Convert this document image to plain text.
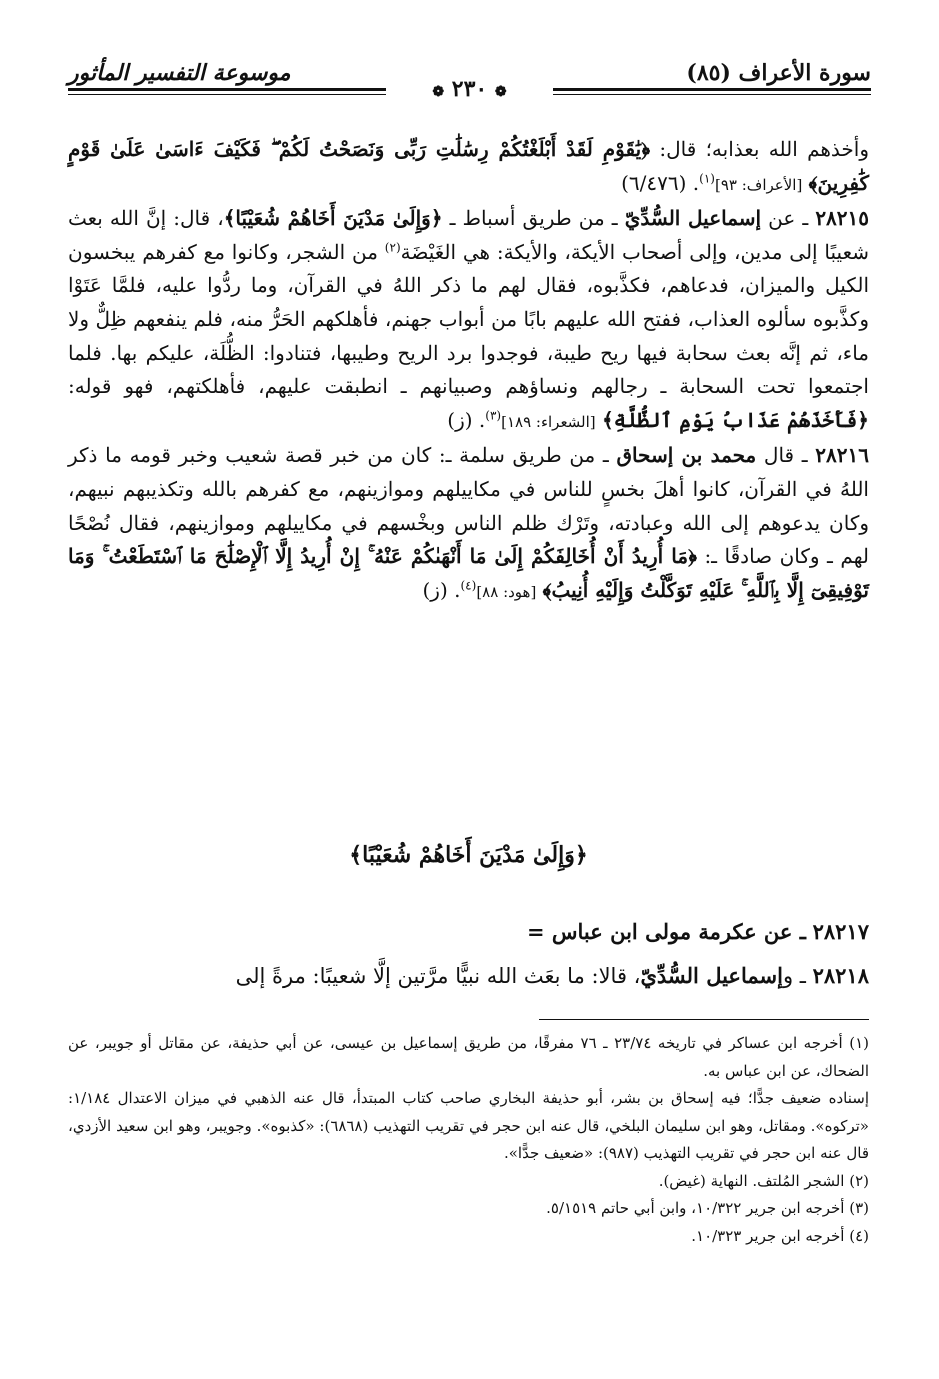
سورة الأعراف (٨٥)
موسوعة التفسير المأثور
❁ ٢٣٠ ❁

وأخذهم الله بعذابه؛ قال: ﴿يَٰقَوْمِ لَقَدْ أَبْلَغْتُكُمْ رِسَٰلَٰتِ رَبِّى وَنَصَحْتُ لَكُمْ ۖ فَكَيْفَ ءَاسَىٰ عَلَىٰ قَوْمٍ كَٰفِرِينَ﴾ [الأعراف: ٩٣]$^{(١)}$. (٦/٤٧٦)

٢٨٢١٥ ـ عن إسماعيل السُّدِّيّ ـ من طريق أسباط ـ ﴿وَإِلَىٰ مَدْيَنَ أَخَاهُمْ شُعَيْبًا﴾، قال: إنَّ الله بعث شعيبًا إلى مدين، وإلى أصحاب الأيكة، والأيكة: هي الغَيْضَة$^{(٢)}$ من الشجر، وكانوا مع كفرهم يبخسون الكيل والميزان، فدعاهم، فكذَّبوه، فقال لهم ما ذكر اللهُ في القرآن، وما ردُّوا عليه، فلمَّا عَتَوْا وكذَّبوه سألوه العذاب، ففتح الله عليهم بابًا من أبواب جهنم، فأهلكهم الحَرُّ منه، فلم ينفعهم ظِلٌّ ولا ماء، ثم إنَّه بعث سحابة فيها ريح طيبة، فوجدوا برد الريح وطيبها، فتنادوا: الظُّلَة، عليكم بها. فلما اجتمعوا تحت السحابة ـ رجالهم ونساؤهم وصبيانهم ـ انطبقت عليهم، فأهلكتهم، فهو قوله: ﴿فَأَخَذَهُمْ عَذَابُ يَوْمِ ٱلظُّلَّةِ﴾ [الشعراء: ١٨٩]$^{(٣)}$. (ز)

٢٨٢١٦ ـ قال محمد بن إسحاق ـ من طريق سلمة ـ: كان من خبر قصة شعيب وخبر قومه ما ذكر اللهُ في القرآن، كانوا أهلَ بخسٍ للناس في مكاييلهم وموازينهم، مع كفرهم بالله وتكذيبهم نبيهم، وكان يدعوهم إلى الله وعبادته، وتَرْك ظلم الناس وبخْسهم في مكاييلهم وموازينهم، فقال نُصْحًا لهم ـ وكان صادقًا ـ: ﴿مَا أُرِيدُ أَنْ أُخَالِفَكُمْ إِلَىٰ مَا أَنْهَىٰكُمْ عَنْهُ ۚ إِنْ أُرِيدُ إِلَّا ٱلْإِصْلَٰحَ مَا ٱسْتَطَعْتُ ۚ وَمَا تَوْفِيقِىٓ إِلَّا بِٱللَّهِ ۚ عَلَيْهِ تَوَكَّلْتُ وَإِلَيْهِ أُنِيبُ﴾ [هود: ٨٨]$^{(٤)}$. (ز)

﴿وَإِلَىٰ مَدْيَنَ أَخَاهُمْ شُعَيْبًا﴾

٢٨٢١٧ ـ عن عكرمة مولى ابن عباس =

٢٨٢١٨ ـ وإسماعيل السُّدِّيّ، قالا: ما بعَث الله نبيًّا مرَّتين إلَّا شعيبًا: مرةً إلى

(١) أخرجه ابن عساكر في تاريخه ٢٣/٧٤ ـ ٧٦ مفرقًا، من طريق إسماعيل بن عيسى، عن أبي حذيفة، عن مقاتل أو جويبر، عن الضحاك، عن ابن عباس به.

إسناده ضعيف جدًّا؛ فيه إسحاق بن بشر، أبو حذيفة البخاري صاحب كتاب المبتدأ، قال عنه الذهبي في ميزان الاعتدال ١/١٨٤: «تركوه». ومقاتل، وهو ابن سليمان البلخي، قال عنه ابن حجر في تقريب التهذيب (٦٨٦٨): «كذبوه». وجويبر، وهو ابن سعيد الأزدي، قال عنه ابن حجر في تقريب التهذيب (٩٨٧): «ضعيف جدًّا».

(٢) الشجر المُلتف. النهاية (غيض).

(٣) أخرجه ابن جرير ١٠/٣٢٢، وابن أبي حاتم ٥/١٥١٩.

(٤) أخرجه ابن جرير ١٠/٣٢٣.
